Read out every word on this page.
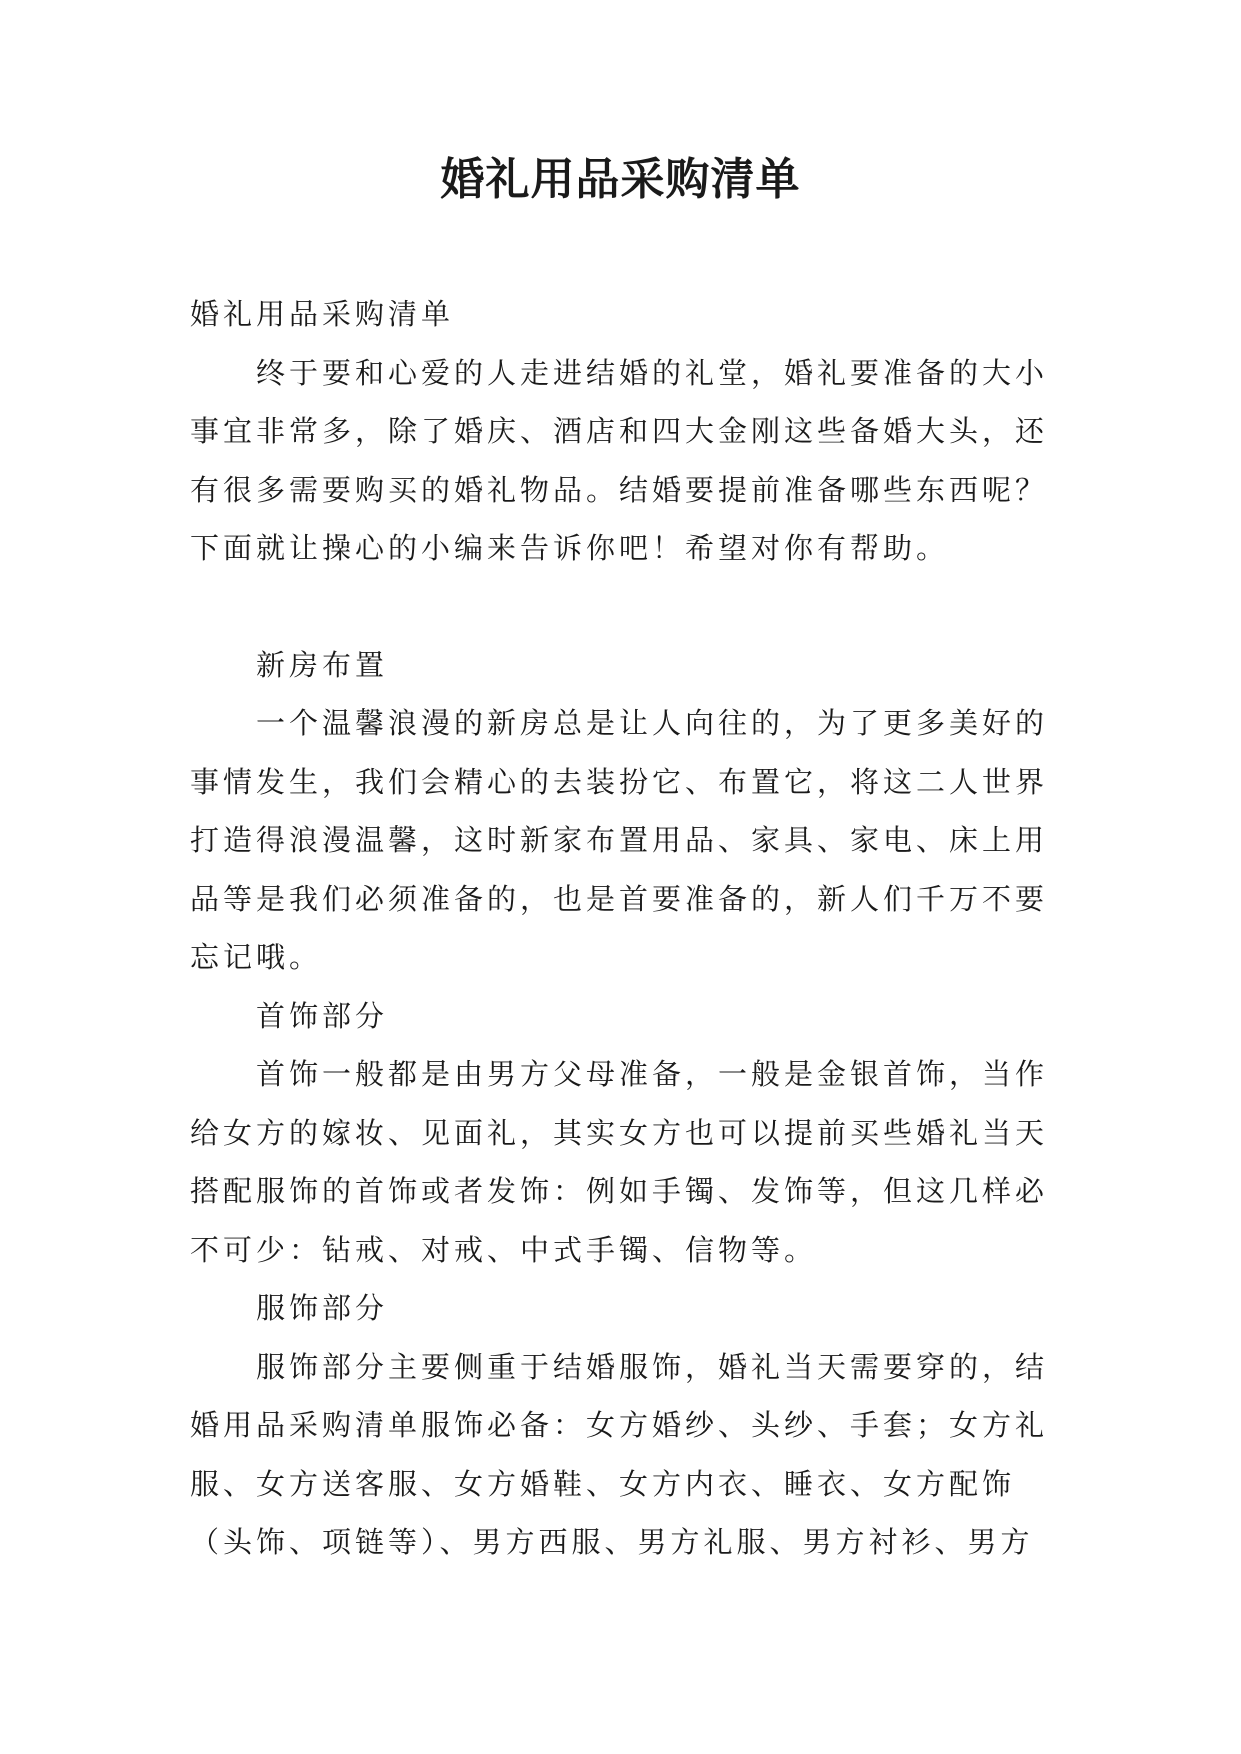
婚礼用品采购清单

婚礼用品采购清单

终于要和心爱的人走进结婚的礼堂，婚礼要准备的大小事宜非常多，除了婚庆、酒店和四大金刚这些备婚大头，还有很多需要购买的婚礼物品。结婚要提前准备哪些东西呢？下面就让操心的小编来告诉你吧！希望对你有帮助。

新房布置

一个温馨浪漫的新房总是让人向往的，为了更多美好的事情发生，我们会精心的去装扮它、布置它，将这二人世界打造得浪漫温馨，这时新家布置用品、家具、家电、床上用品等是我们必须准备的，也是首要准备的，新人们千万不要忘记哦。

首饰部分

首饰一般都是由男方父母准备，一般是金银首饰，当作给女方的嫁妆、见面礼，其实女方也可以提前买些婚礼当天搭配服饰的首饰或者发饰：例如手镯、发饰等，但这几样必不可少：钻戒、对戒、中式手镯、信物等。

服饰部分

服饰部分主要侧重于结婚服饰，婚礼当天需要穿的，结婚用品采购清单服饰必备：女方婚纱、头纱、手套；女方礼服、女方送客服、女方婚鞋、女方内衣、睡衣、女方配饰（头饰、项链等）、男方西服、男方礼服、男方衬衫、男方
